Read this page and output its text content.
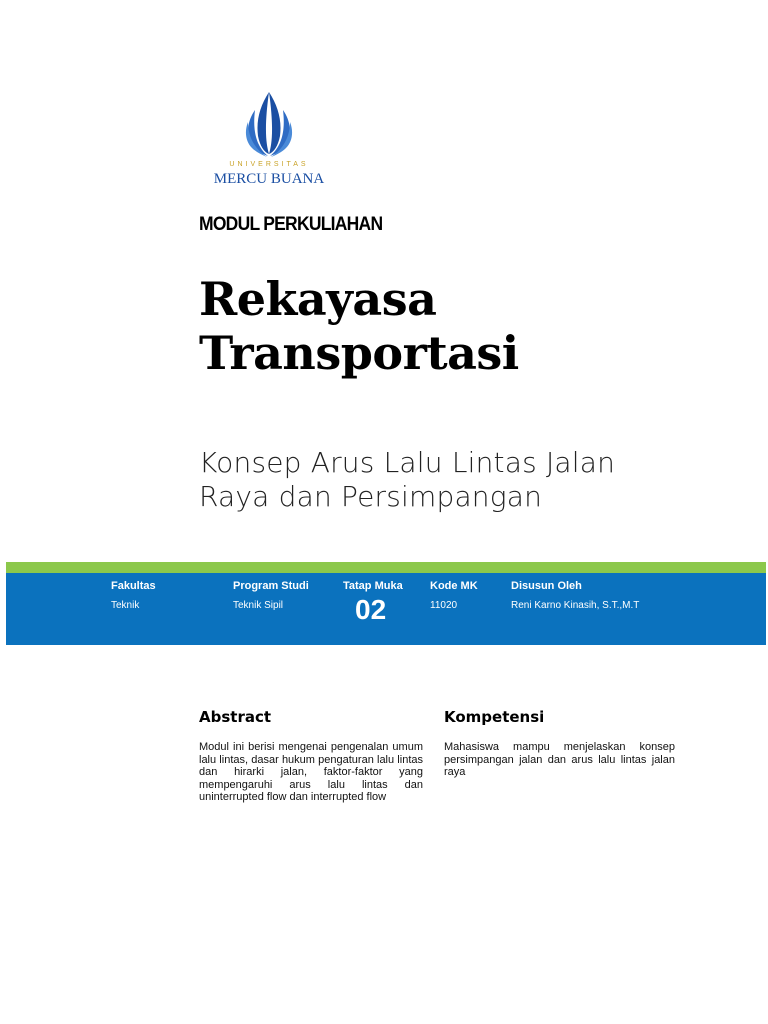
UNIVERSITAS
MERCU BUANA
MODUL PERKULIAHAN
Rekayasa
Transportasi
Konsep Arus Lalu Lintas Jalan
Raya dan Persimpangan
Fakultas
Teknik
Program Studi
Teknik Sipil
Tatap Muka
02
Kode MK
11020
Disusun Oleh
Reni Karno Kinasih, S.T.,M.T
Abstract
Modul ini berisi mengenai pengenalan umum lalu lintas, dasar hukum pengaturan lalu lintas dan hirarki jalan, faktor-faktor yang mempengaruhi arus lalu lintas dan uninterrupted flow dan interrupted flow
Kompetensi
Mahasiswa mampu menjelaskan konsep persimpangan jalan dan arus lalu lintas jalan raya
